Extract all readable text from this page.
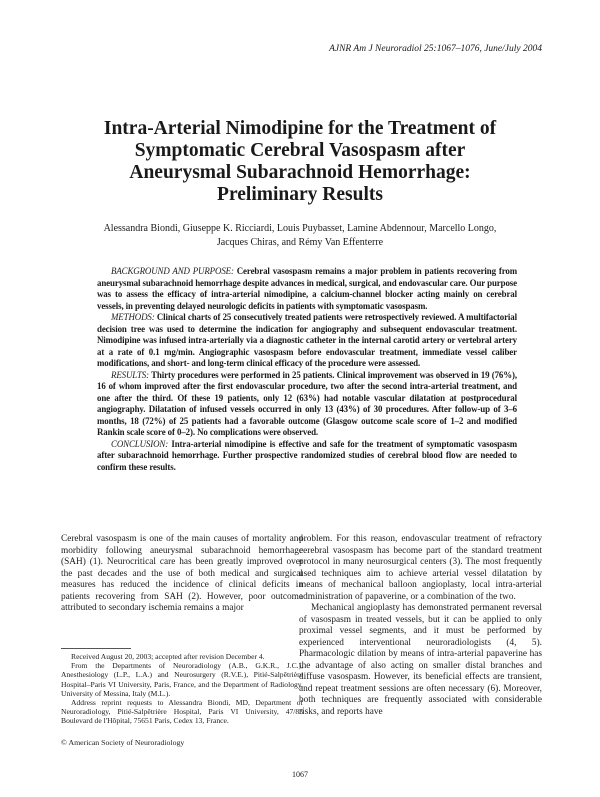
AJNR Am J Neuroradiol 25:1067–1076, June/July 2004
Intra-Arterial Nimodipine for the Treatment of
Symptomatic Cerebral Vasospasm after
Aneurysmal Subarachnoid Hemorrhage:
Preliminary Results
Alessandra Biondi, Giuseppe K. Ricciardi, Louis Puybasset, Lamine Abdennour, Marcello Longo,
Jacques Chiras, and Rémy Van Effenterre

BACKGROUND AND PURPOSE: Cerebral vasospasm remains a major problem in patients recovering from aneurysmal subarachnoid hemorrhage despite advances in medical, surgical, and endovascular care. Our purpose was to assess the efficacy of intra-arterial nimodipine, a calcium-channel blocker acting mainly on cerebral vessels, in preventing delayed neurologic deficits in patients with symptomatic vasospasm.

METHODS: Clinical charts of 25 consecutively treated patients were retrospectively reviewed. A multifactorial decision tree was used to determine the indication for angiography and subsequent endovascular treatment. Nimodipine was infused intra-arterially via a diagnostic catheter in the internal carotid artery or vertebral artery at a rate of 0.1 mg/min. Angiographic vasospasm before endovascular treatment, immediate vessel caliber modifications, and short- and long-term clinical efficacy of the procedure were assessed.

RESULTS: Thirty procedures were performed in 25 patients. Clinical improvement was observed in 19 (76%), 16 of whom improved after the first endovascular procedure, two after the second intra-arterial treatment, and one after the third. Of these 19 patients, only 12 (63%) had notable vascular dilatation at postprocedural angiography. Dilatation of infused vessels occurred in only 13 (43%) of 30 procedures. After follow-up of 3–6 months, 18 (72%) of 25 patients had a favorable outcome (Glasgow outcome scale score of 1–2 and modified Rankin scale score of 0–2). No complications were observed.

CONCLUSION: Intra-arterial nimodipine is effective and safe for the treatment of symptomatic vasospasm after subarachnoid hemorrhage. Further prospective randomized studies of cerebral blood flow are needed to confirm these results.

Cerebral vasospasm is one of the main causes of mortality and morbidity following aneurysmal subarachnoid hemorrhage (SAH) (1). Neurocritical care has been greatly improved over the past decades and the use of both medical and surgical measures has reduced the incidence of clinical deficits in patients recovering from SAH (2). However, poor outcome attributed to secondary ischemia remains a major

problem. For this reason, endovascular treatment of refractory cerebral vasospasm has become part of the standard treatment protocol in many neurosurgical centers (3). The most frequently used techniques aim to achieve arterial vessel dilatation by means of mechanical balloon angioplasty, local intra-arterial administration of papaverine, or a combination of the two.

Mechanical angioplasty has demonstrated permanent reversal of vasospasm in treated vessels, but it can be applied to only proximal vessel segments, and it must be performed by experienced interventional neuroradiologists (4, 5). Pharmacologic dilation by means of intra-arterial papaverine has the advantage of also acting on smaller distal branches and diffuse vasospasm. However, its beneficial effects are transient, and repeat treatment sessions are often necessary (6). Moreover, both techniques are frequently associated with considerable risks, and reports have

Received August 20, 2003; accepted after revision December 4.

From the Departments of Neuroradiology (A.B., G.K.R., J.C.), Anesthesiology (L.P., L.A.) and Neurosurgery (R.V.E.), Pitié-Salpêtrière Hospital–Paris VI University, Paris, France, and the Department of Radiology, University of Messina, Italy (M.L.).

Address reprint requests to Alessandra Biondi, MD, Department of Neuroradiology, Pitié-Salpêtrière Hospital, Paris VI University, 47/83 Boulevard de l'Hôpital, 75651 Paris, Cedex 13, France.

© American Society of Neuroradiology
1067
